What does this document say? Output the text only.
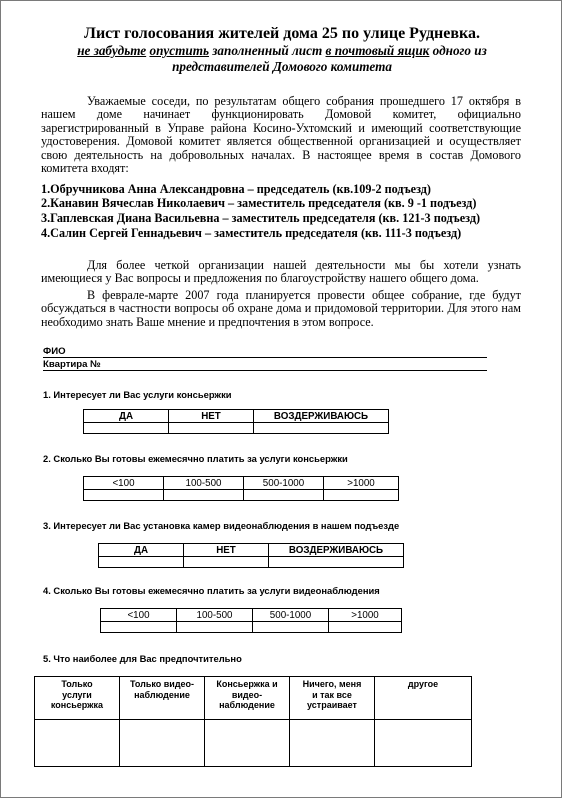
Лист голосования жителей дома 25 по улице Рудневка.
не забудьте опустить заполненный лист в почтовый ящик одного из
представителей Домового комитета
Уважаемые соседи, по результатам общего собрания прошедшего 17 октября в нашем доме начинает функционировать Домовой комитет, официально зарегистрированный в Управе района Косино-Ухтомский и имеющий соответствующие удостоверения. Домовой комитет является общественной организацией и осуществляет свою деятельность на добровольных началах. В настоящее время в состав Домового комитета входят:
1.Обручникова Анна Александровна – председатель (кв.109-2 подъезд)
2.Канавин Вячеслав Николаевич – заместитель председателя (кв. 9 -1 подъезд)
3.Гаплевская Диана Васильевна – заместитель председателя (кв. 121-3 подъезд)
4.Салин Сергей Геннадьевич – заместитель председателя (кв. 111-3 подъезд)
Для более четкой организации нашей деятельности мы бы хотели узнать имеющиеся у Вас вопросы и предложения по благоустройству нашего общего дома.
В феврале-марте 2007 года планируется провести общее собрание, где будут обсуждаться в частности вопросы об охране дома и придомовой территории. Для этого нам необходимо знать Ваше мнение и предпочтения в этом вопросе.
ФИО
Квартира №
1. Интересует ли Вас услуги консьержки
ДА	НЕТ	ВОЗДЕРЖИВАЮСЬ

2. Сколько Вы готовы ежемесячно платить за услуги консьержки
<100	100-500	500-1000	>1000

3. Интересует ли Вас установка камер видеонаблюдения в нашем подъезде
ДА	НЕТ	ВОЗДЕРЖИВАЮСЬ

4. Сколько Вы готовы ежемесячно платить за услуги видеонаблюдения
<100	100-500	500-1000	>1000

5. Что наиболее для Вас предпочтительно
Только
услуги
консьержка	Только видео-
наблюдение	Консьержка и
видео-
наблюдение	Ничего, меня
и так все
устраивает	другое
